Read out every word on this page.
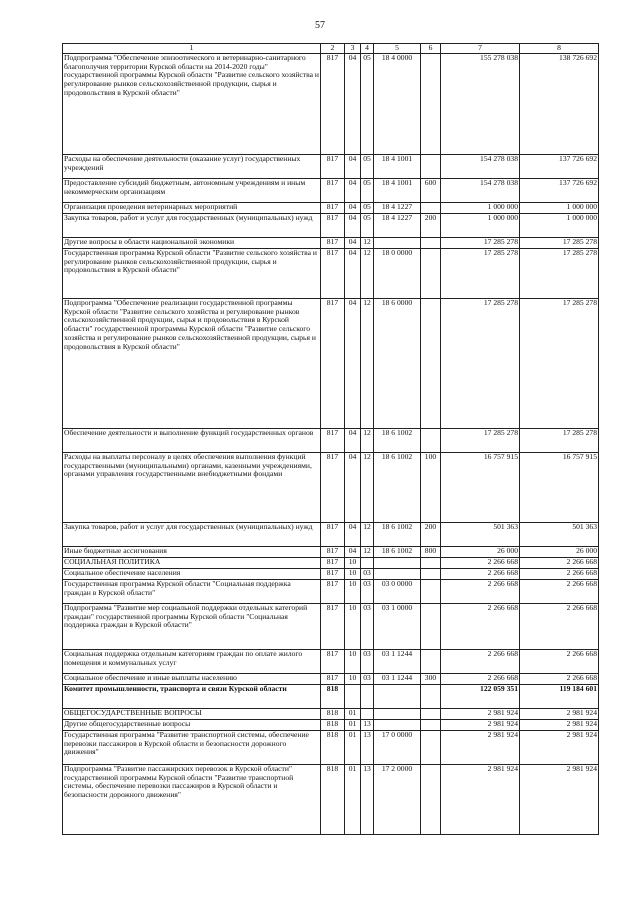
57
1	2	3	4	5	6	7	8
Подпрограмма "Обеспечение эпизоотического и ветеринарно-санитарного благополучия территории Курской области на 2014-2020 годы" государственной программы Курской области "Развитие сельского хозяйства и регулирование рынков сельскохозяйственной продукции, сырья и продовольствия в Курской области"	817	04	05	18 4 0000		155 278 038	138 726 692
Расходы на обеспечение деятельности (оказание услуг) государственных учреждений	817	04	05	18 4 1001		154 278 038	137 726 692
Предоставление субсидий бюджетным, автономным учреждениям и иным некоммерческим организациям	817	04	05	18 4 1001	600	154 278 038	137 726 692
Организация проведения ветеринарных мероприятий	817	04	05	18 4 1227		1 000 000	1 000 000
Закупка товаров, работ и услуг для государственных (муниципальных) нужд	817	04	05	18 4 1227	200	1 000 000	1 000 000
Другие вопросы в области национальной экономики	817	04	12			17 285 278	17 285 278
Государственная программа Курской области "Развитие сельского хозяйства и регулирование рынков сельскохозяйственной продукции, сырья и продовольствия в Курской области"	817	04	12	18 0 0000		17 285 278	17 285 278
Подпрограмма "Обеспечение реализации государственной программы Курской области "Развитие сельского хозяйства и регулирование рынков сельскохозяйственной продукции, сырья и продовольствия в Курской области" государственной программы Курской области "Развитие сельского хозяйства и регулирование рынков сельскохозяйственной продукции, сырья и продовольствия в Курской области"	817	04	12	18 6 0000		17 285 278	17 285 278
Обеспечение деятельности и выполнение функций государственных органов	817	04	12	18 6 1002		17 285 278	17 285 278
Расходы на выплаты персоналу в целях обеспечения выполнения функций государственными (муниципальными) органами, казенными учреждениями, органами управления государственными внебюджетными фондами	817	04	12	18 6 1002	100	16 757 915	16 757 915
Закупка товаров, работ и услуг для государственных (муниципальных) нужд	817	04	12	18 6 1002	200	501 363	501 363
Иные бюджетные ассигнования	817	04	12	18 6 1002	800	26 000	26 000
СОЦИАЛЬНАЯ ПОЛИТИКА	817	10				2 266 668	2 266 668
Социальное обеспечение населения	817	10	03			2 266 668	2 266 668
Государственная программа Курской области "Социальная поддержка граждан в Курской области"	817	10	03	03 0 0000		2 266 668	2 266 668
Подпрограмма "Развитие мер социальной поддержки отдельных категорий граждан" государственной программы Курской области "Социальная поддержка граждан в Курской области"	817	10	03	03 1 0000		2 266 668	2 266 668
Социальная поддержка отдельным категориям граждан по оплате жилого помещения и коммунальных услуг	817	10	03	03 1 1244		2 266 668	2 266 668
Социальное обеспечение и иные выплаты населению	817	10	03	03 1 1244	300	2 266 668	2 266 668
Комитет промышленности, транспорта и связи Курской области	818					122 059 351	119 184 601
ОБЩЕГОСУДАРСТВЕННЫЕ ВОПРОСЫ	818	01				2 981 924	2 981 924
Другие общегосударственные вопросы	818	01	13			2 981 924	2 981 924
Государственная программа "Развитие транспортной системы, обеспечение перевозки пассажиров в Курской области и безопасности дорожного движения"	818	01	13	17 0 0000		2 981 924	2 981 924
Подпрограмма "Развитие пассажирских перевозок в Курской области" государственной программы Курской области "Развитие транспортной системы, обеспечение перевозки пассажиров в Курской области и безопасности дорожного движения"	818	01	13	17 2 0000		2 981 924	2 981 924
